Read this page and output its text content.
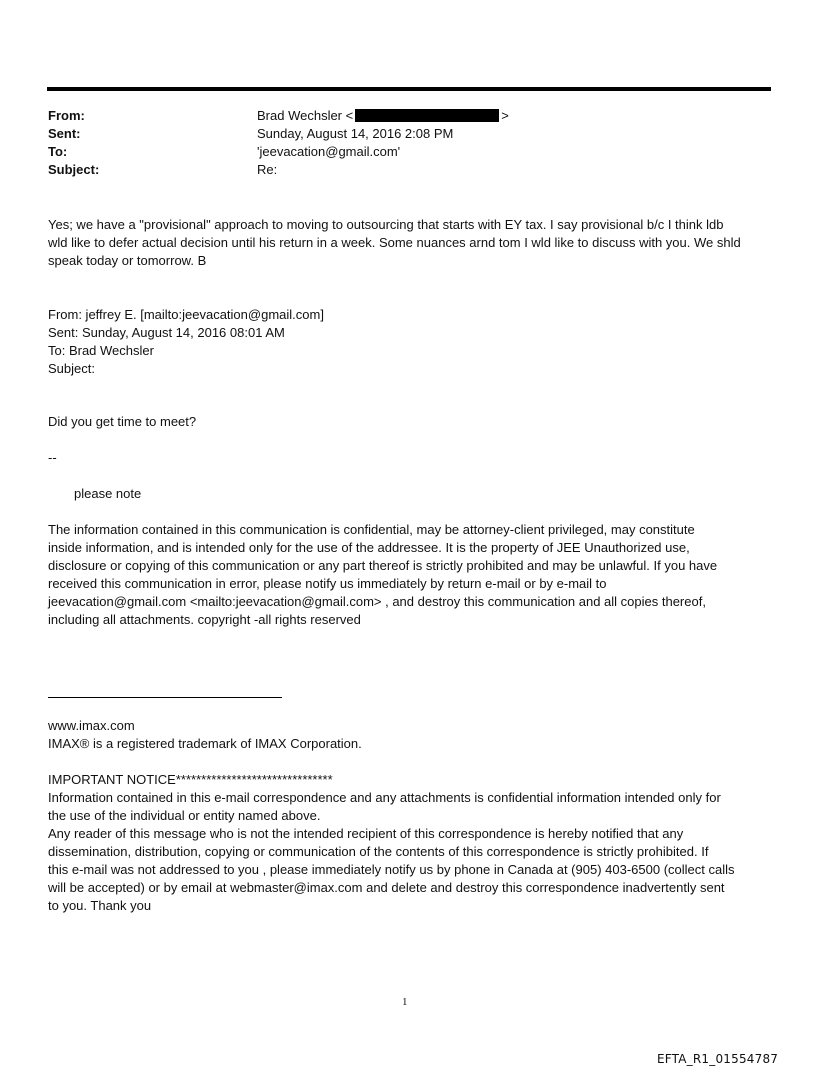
From:	Brad Wechsler <	>
Sent:	Sunday, August 14, 2016 2:08 PM
To:	'jeevacation@gmail.com'
Subject:	Re:
Yes; we have a "provisional" approach to moving to outsourcing that starts with EY tax. I say provisional b/c I think ldb
wld like to defer actual decision until his return in a week. Some nuances arnd tom I wld like to discuss with you. We shld
speak today or tomorrow. B
From: jeffrey E. [mailto:jeevacation@gmail.com]
Sent: Sunday, August 14, 2016 08:01 AM
To: Brad Wechsler
Subject:
Did you get time to meet?
--
please note
The information contained in this communication is confidential, may be attorney-client privileged, may constitute
inside information, and is intended only for the use of the addressee. It is the property of JEE Unauthorized use,
disclosure or copying of this communication or any part thereof is strictly prohibited and may be unlawful. If you have
received this communication in error, please notify us immediately by return e-mail or by e-mail to
jeevacation@gmail.com <mailto:jeevacation@gmail.com> , and destroy this communication and all copies thereof,
including all attachments. copyright -all rights reserved
www.imax.com
IMAX® is a registered trademark of IMAX Corporation.
IMPORTANT NOTICE*******************************
Information contained in this e-mail correspondence and any attachments is confidential information intended only for
the use of the individual or entity named above.
Any reader of this message who is not the intended recipient of this correspondence is hereby notified that any
dissemination, distribution, copying or communication of the contents of this correspondence is strictly prohibited. If
this e-mail was not addressed to you , please immediately notify us by phone in Canada at (905) 403-6500 (collect calls
will be accepted) or by email at webmaster@imax.com and delete and destroy this correspondence inadvertently sent
to you. Thank you
1
EFTA_R1_01554787
